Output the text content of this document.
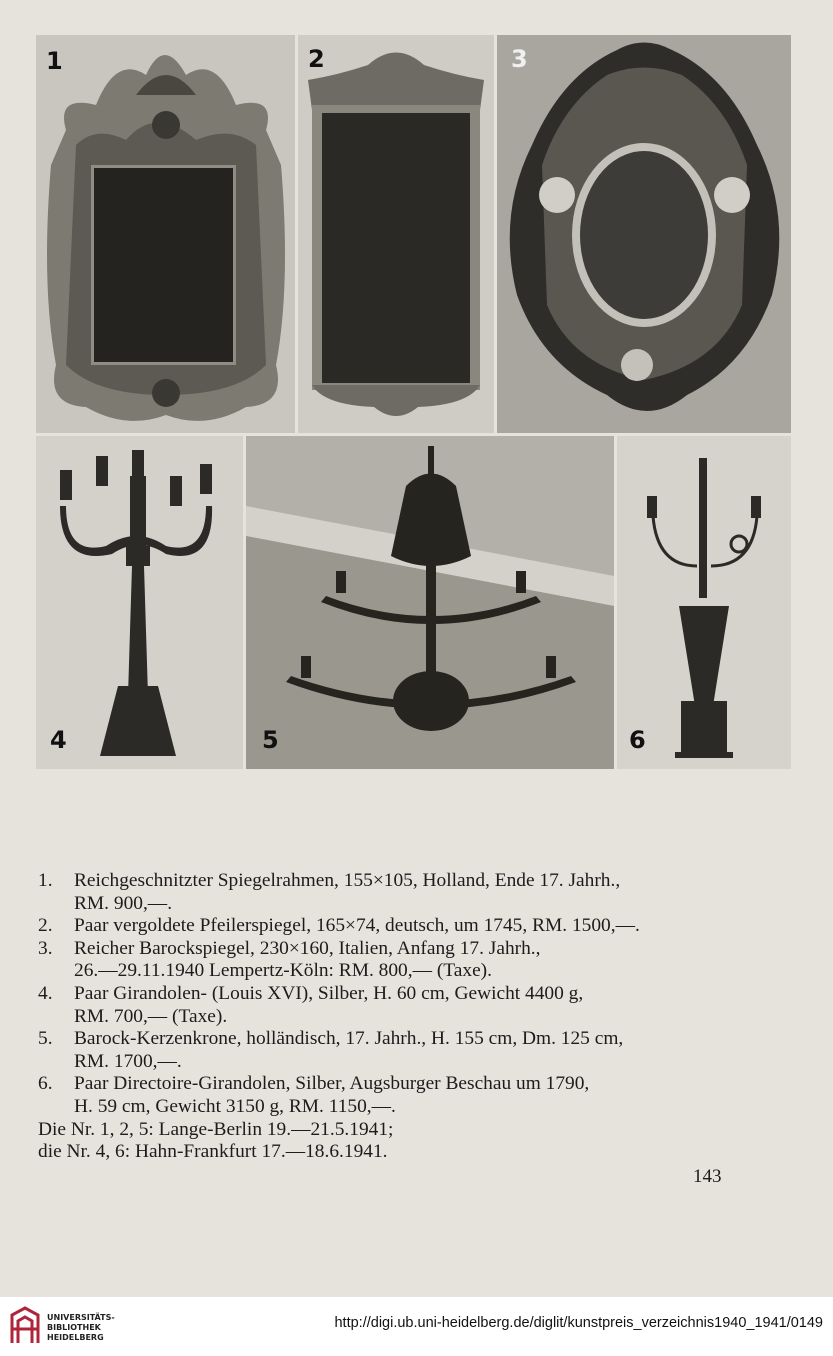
1	2	3
4	5	6
1.	Reichgeschnitzter Spiegelrahmen, 155×105, Holland, Ende 17. Jahrh.,
RM. 900,—.
2.	Paar vergoldete Pfeilerspiegel, 165×74, deutsch, um 1745, RM. 1500,—.
3.	Reicher Barockspiegel, 230×160, Italien, Anfang 17. Jahrh.,
26.—29.11.1940 Lempertz-Köln: RM. 800,— (Taxe).
4.	Paar Girandolen- (Louis XVI), Silber, H. 60 cm, Gewicht 4400 g,
RM. 700,— (Taxe).
5.	Barock-Kerzenkrone, holländisch, 17. Jahrh., H. 155 cm, Dm. 125 cm,
RM. 1700,—.
6.	Paar Directoire-Girandolen, Silber, Augsburger Beschau um 1790,
H. 59 cm, Gewicht 3150 g, RM. 1150,—.
Die Nr. 1, 2, 5: Lange-Berlin 19.—21.5.1941;
die Nr. 4, 6: Hahn-Frankfurt 17.—18.6.1941.
143
UNIVERSITÄTS-
BIBLIOTHEK
HEIDELBERG
http://digi.ub.uni-heidelberg.de/diglit/kunstpreis_verzeichnis1940_1941/0149
